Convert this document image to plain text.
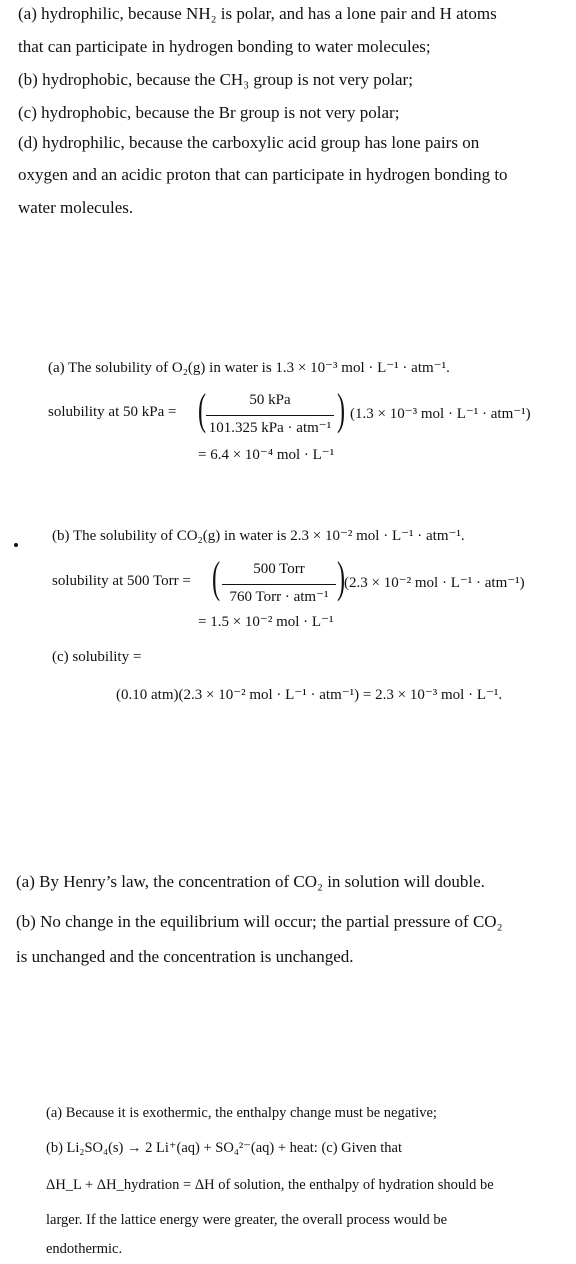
(a) hydrophilic, because NH₂ is polar, and has a lone pair and H atoms
that can participate in hydrogen bonding to water molecules;
(b) hydrophobic, because the CH₃ group is not very polar;
(c) hydrophobic, because the Br group is not very polar;
(d) hydrophilic, because the carboxylic acid group has lone pairs on
oxygen and an acidic proton that can participate in hydrogen bonding to
water molecules.
(a) The solubility of O₂(g) in water is 1.3 × 10⁻³ mol · L⁻¹ · atm⁻¹.
solubility at 50 kPa = (	50 kPa
101.325 kPa · atm⁻¹ ) (1.3 × 10⁻³ mol · L⁻¹ · atm⁻¹)
= 6.4 × 10⁻⁴ mol · L⁻¹
(b) The solubility of CO₂(g) in water is 2.3 × 10⁻² mol · L⁻¹ · atm⁻¹.
solubility at 500 Torr = (	500 Torr
760 Torr · atm⁻¹ )
(2.3 × 10⁻² mol · L⁻¹ · atm⁻¹)
= 1.5 × 10⁻² mol · L⁻¹
(c) solubility =
(0.10 atm)(2.3 × 10⁻² mol · L⁻¹ · atm⁻¹) = 2.3 × 10⁻³ mol · L⁻¹.
(a) By Henry’s law, the concentration of CO₂ in solution will double.
(b) No change in the equilibrium will occur; the partial pressure of CO₂
is unchanged and the concentration is unchanged.
(a) Because it is exothermic, the enthalpy change must be negative;
(b) Li₂SO₄(s) → 2 Li⁺(aq) + SO₄²⁻(aq) + heat: (c) Given that
ΔH_L + ΔH_hydration = ΔH of solution, the enthalpy of hydration should be
larger. If the lattice energy were greater, the overall process would be
endothermic.
